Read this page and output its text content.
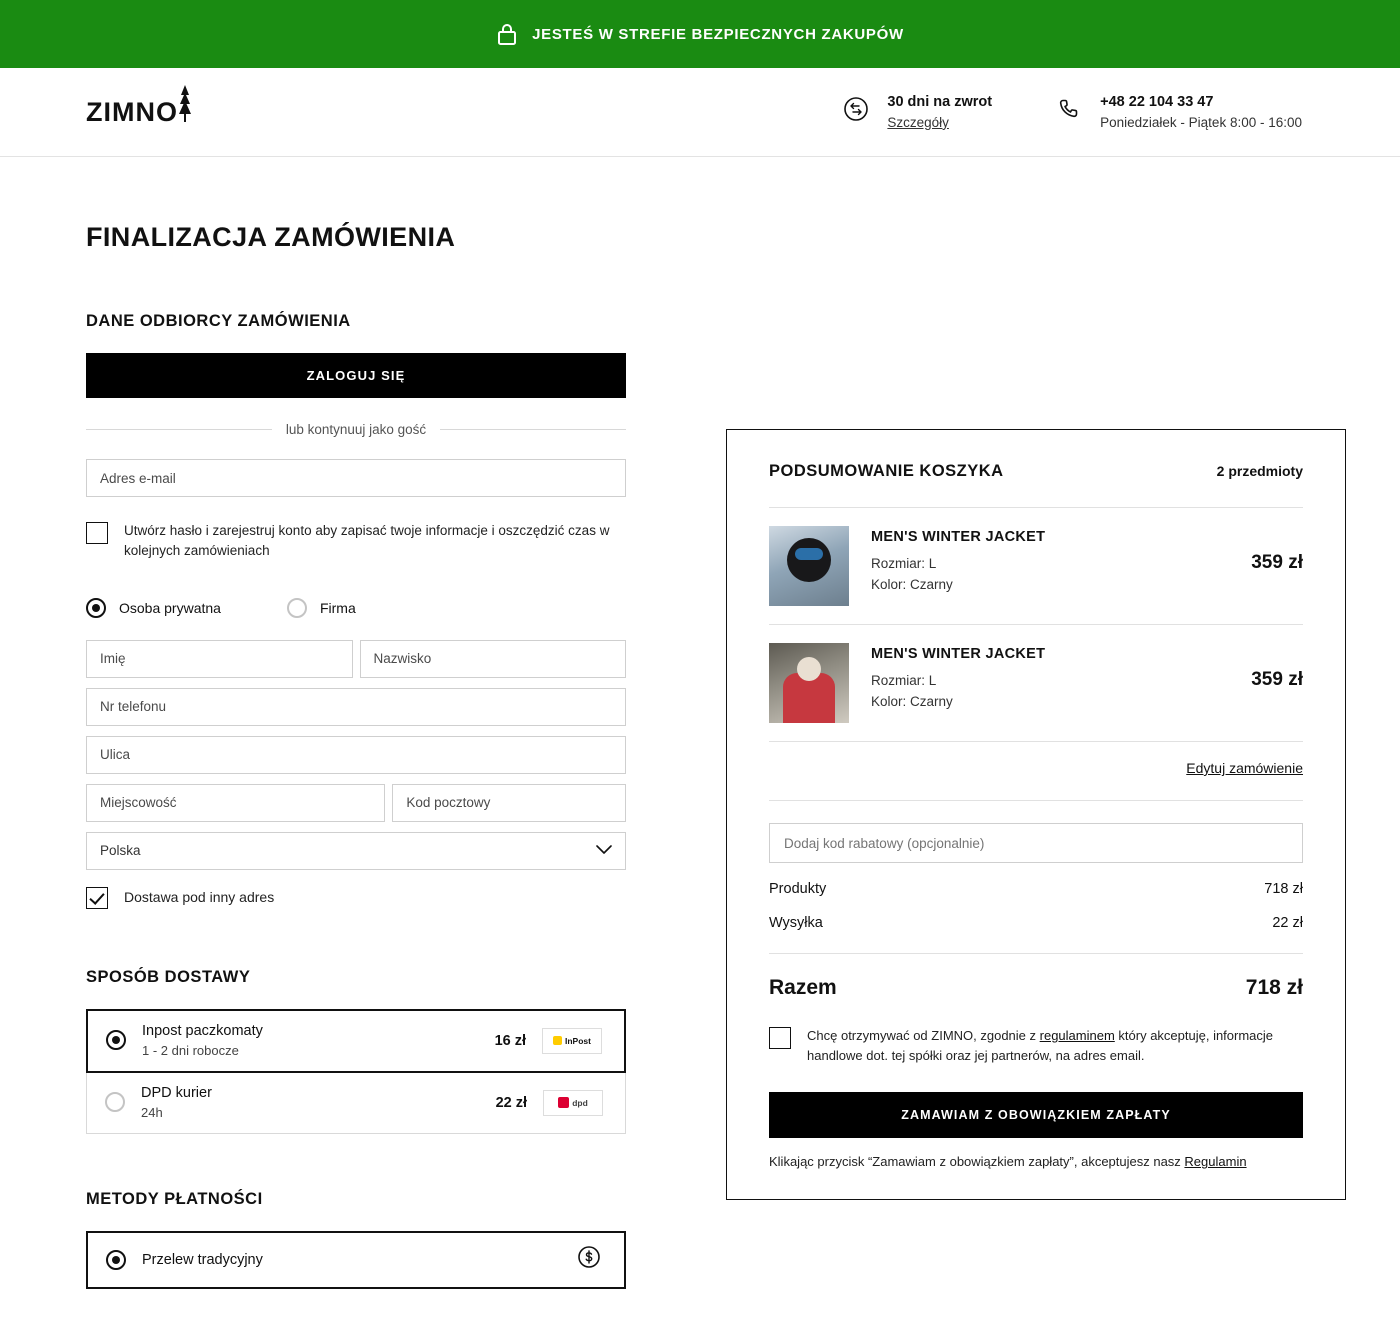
JESTEŚ W STREFIE BEZPIECZNYCH ZAKUPÓW
ZIMNO	30 dni na zwrot
Szczegóły
+48 22 104 33 47
Poniedziałek - Piątek 8:00 - 16:00
FINALIZACJA ZAMÓWIENIA
DANE ODBIORCY ZAMÓWIENIA
ZALOGUJ SIĘ
lub kontynuuj jako gość
Adres e-mail
Utwórz hasło i zarejestruj konto aby zapisać twoje informacje i oszczędzić czas w kolejnych zamówieniach
Osoba prywatna	Firma
Imię
Nazwisko
Nr telefonu Ulica
Miejscowość
Kod pocztowy
Polska
Dostawa pod inny adres
SPOSÓB DOSTAWY
Inpost paczkomaty
1 - 2 dni robocze
16 zł	InPost
DPD kurier
24h
22 zł	dpd
METODY PŁATNOŚCI
Przelew tradycyjny
PODSUMOWANIE KOSZYKA	2 przedmioty
MEN'S WINTER JACKET
Rozmiar: L
Kolor: Czarny
359 zł
MEN'S WINTER JACKET
Rozmiar: L
Kolor: Czarny
359 zł
Edytuj zamówienie
Dodaj kod rabatowy (opcjonalnie)
Produkty	718 zł
Wysyłka	22 zł
Razem	718 zł
Chcę otrzymywać od ZIMNO, zgodnie z regulaminem który akceptuję, informacje handlowe dot. tej spółki oraz jej partnerów, na adres email.
ZAMAWIAM Z OBOWIĄZKIEM ZAPŁATY
Klikając przycisk “Zamawiam z obowiązkiem zapłaty”, akceptujesz nasz Regulamin
